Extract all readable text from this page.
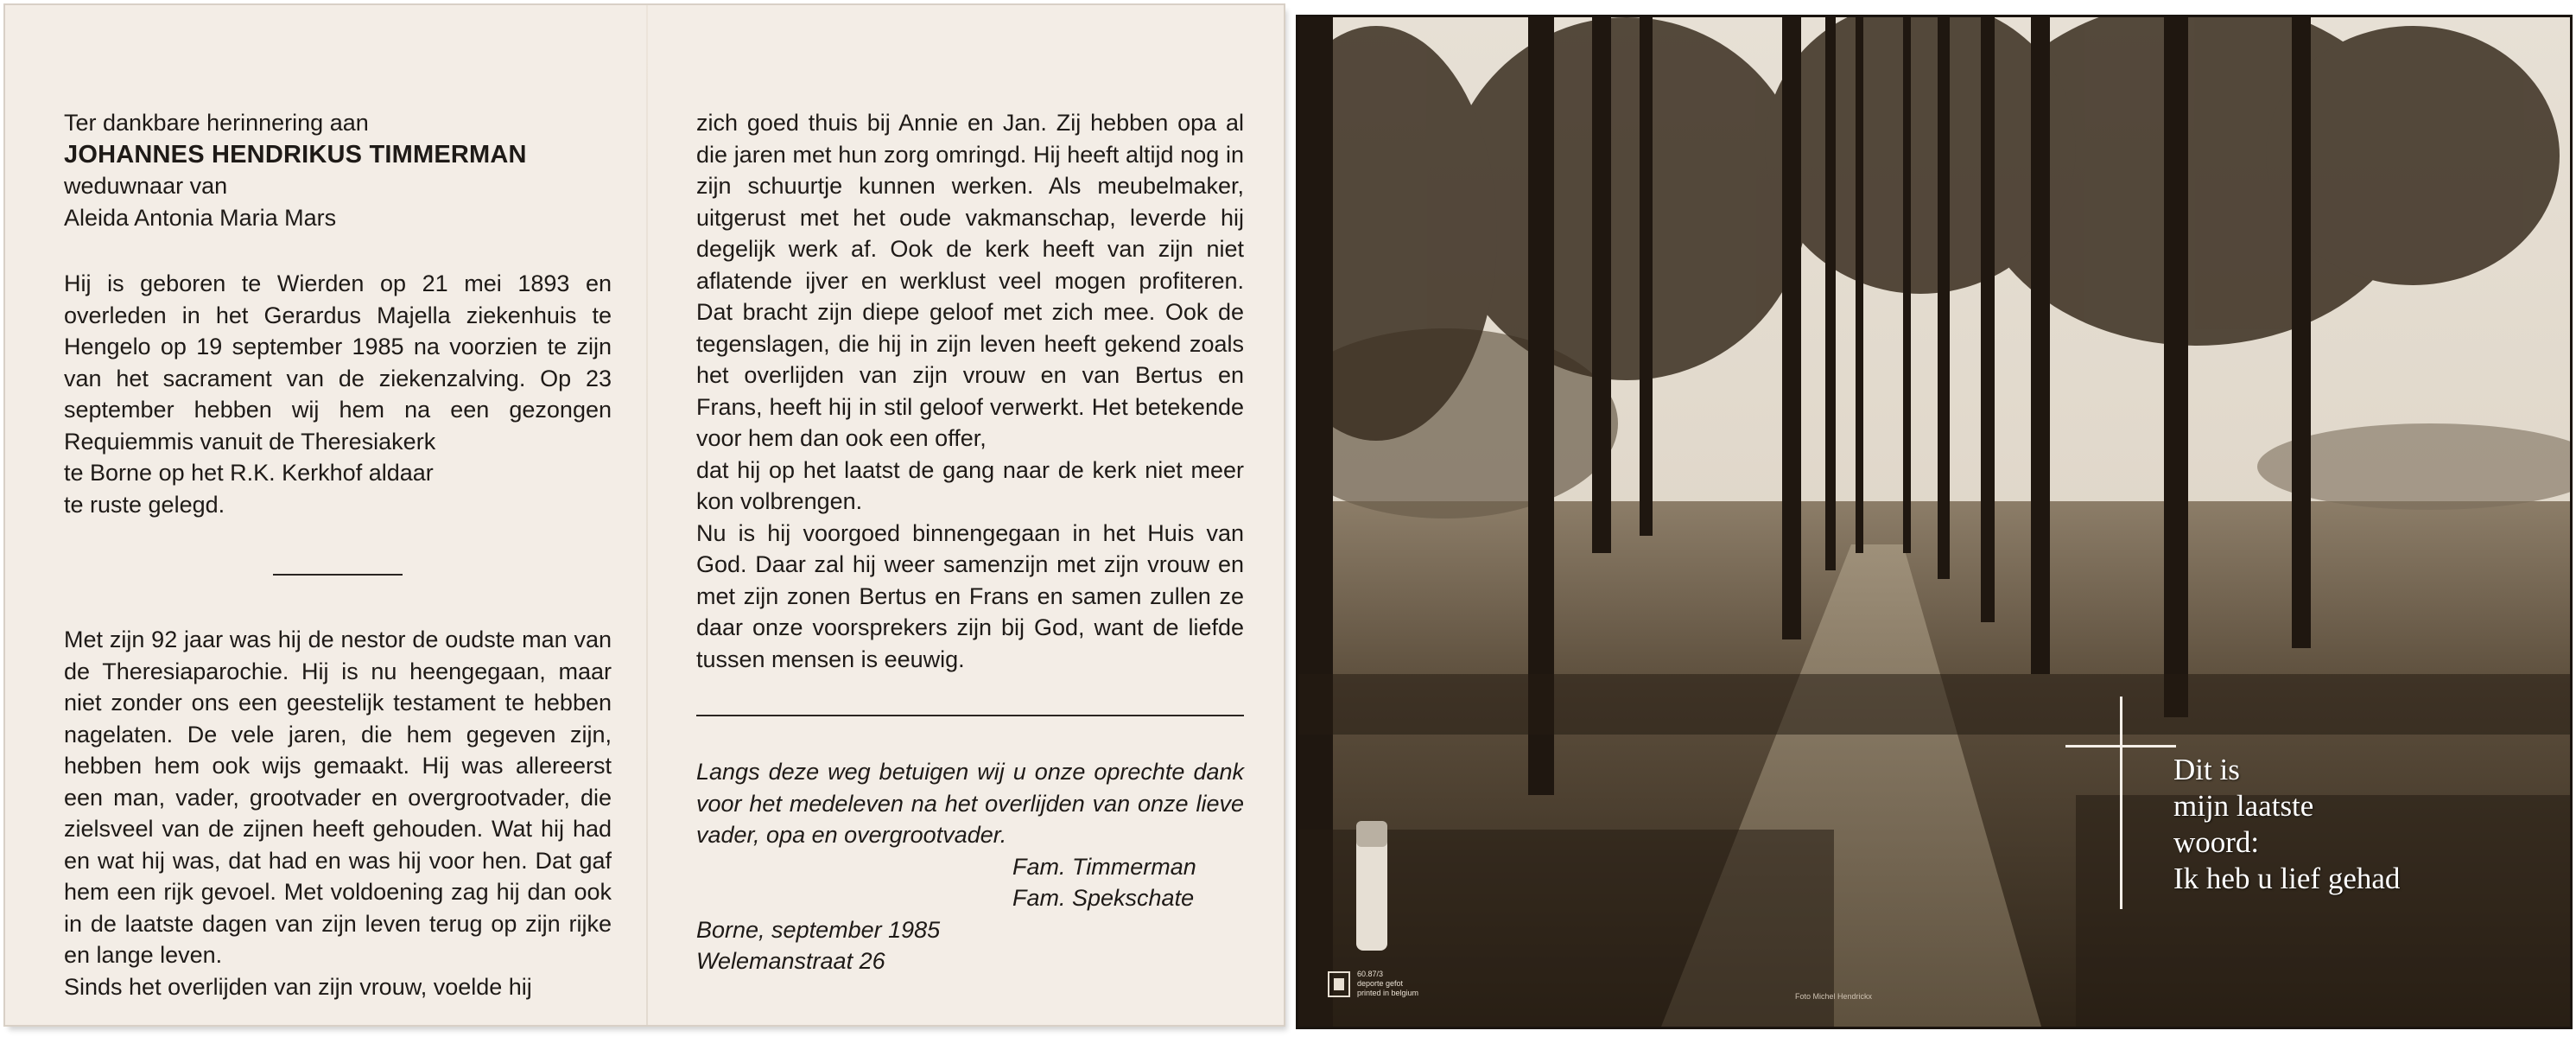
Ter dankbare herinnering aan

JOHANNES HENDRIKUS TIMMERMAN

weduwnaar van
Aleida Antonia Maria Mars

Hij is geboren te Wierden op 21 mei 1893 en overleden in het Gerardus Majella ziekenhuis te Hengelo op 19 september 1985 na voorzien te zijn van het sacrament van de ziekenzalving. Op 23 september hebben wij hem na een gezongen Requiemmis vanuit de Theresiakerk

te Borne op het R.K. Kerkhof aldaar

te ruste gelegd.

Met zijn 92 jaar was hij de nestor de oudste man van de Theresiaparochie. Hij is nu heengegaan, maar niet zonder ons een geestelijk testament te hebben nagelaten. De vele jaren, die hem gegeven zijn, hebben hem ook wijs gemaakt. Hij was allereerst een man, vader, grootvader en overgrootvader, die zielsveel van de zijnen heeft gehouden. Wat hij had en wat hij was, dat had en was hij voor hen. Dat gaf hem een rijk gevoel. Met voldoening zag hij dan ook in de laatste dagen van zijn leven terug op zijn rijke en lange leven.

Sinds het overlijden van zijn vrouw, voelde hij

zich goed thuis bij Annie en Jan. Zij hebben opa al die jaren met hun zorg omringd. Hij heeft altijd nog in zijn schuurtje kunnen werken. Als meubelmaker, uitgerust met het oude vakmanschap, leverde hij degelijk werk af. Ook de kerk heeft van zijn niet aflatende ijver en werklust veel mogen profiteren. Dat bracht zijn diepe geloof met zich mee. Ook de tegenslagen, die hij in zijn leven heeft gekend zoals het overlijden van zijn vrouw en van Bertus en Frans, heeft hij in stil geloof verwerkt. Het betekende voor hem dan ook een offer,

dat hij op het laatst de gang naar de kerk niet meer kon volbrengen.

Nu is hij voorgoed binnengegaan in het Huis van God. Daar zal hij weer samenzijn met zijn vrouw en met zijn zonen Bertus en Frans en samen zullen ze daar onze voorsprekers zijn bij God, want de liefde tussen mensen is eeuwig.

Langs deze weg betuigen wij u onze oprechte dank voor het medeleven na het overlijden van onze lieve vader, opa en overgrootvader.

Fam. Timmerman
Fam. Spekschate

Borne, september 1985
Welemanstraat 26

Dit is
mijn laatste
woord:
Ik heb u lief gehad
60.87/3
deporte gefot
printed in belgium	Foto Michel Hendrickx
